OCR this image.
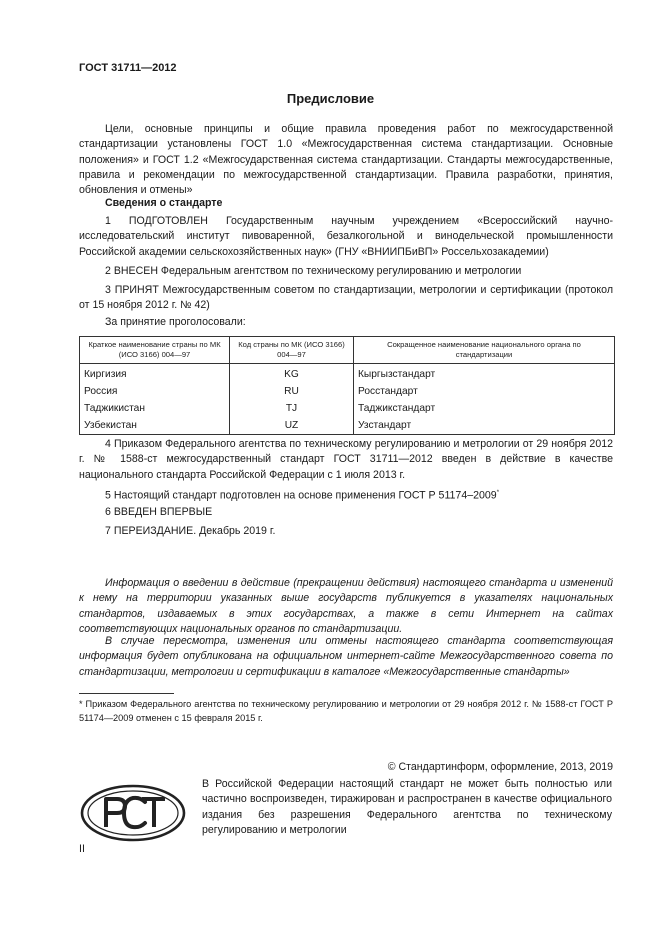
ГОСТ 31711—2012
Предисловие
Цели, основные принципы и общие правила проведения работ по межгосударственной стандартизации установлены ГОСТ 1.0 «Межгосударственная система стандартизации. Основные положения» и ГОСТ 1.2 «Межгосударственная система стандартизации. Стандарты межгосударственные, правила и рекомендации по межгосударственной стандартизации. Правила разработки, принятия, обновления и отмены»
Сведения о стандарте
1 ПОДГОТОВЛЕН Государственным научным учреждением «Всероссийский научно-исследовательский институт пивоваренной, безалкогольной и винодельческой промышленности Российской академии сельскохозяйственных наук» (ГНУ «ВНИИПБиВП» Россельхозакадемии)
2 ВНЕСЕН Федеральным агентством по техническому регулированию и метрологии
3 ПРИНЯТ Межгосударственным советом по стандартизации, метрологии и сертификации (протокол от 15 ноября 2012 г. № 42)
За принятие проголосовали:
Краткое наименование страны по МК (ИСО 3166) 004—97	Код страны по МК (ИСО 3166) 004—97	Сокращенное наименование национального органа по стандартизации
Киргизия	KG	Кыргызстандарт
Россия	RU	Росстандарт
Таджикистан	TJ	Таджикстандарт
Узбекистан	UZ	Узстандарт
4 Приказом Федерального агентства по техническому регулированию и метрологии от 29 ноября 2012 г. № 1588-ст межгосударственный стандарт ГОСТ 31711—2012 введен в действие в качестве национального стандарта Российской Федерации с 1 июля 2013 г.
5 Настоящий стандарт подготовлен на основе применения ГОСТ Р 51174–2009*
6 ВВЕДЕН ВПЕРВЫЕ
7 ПЕРЕИЗДАНИЕ. Декабрь 2019 г.
Информация о введении в действие (прекращении действия) настоящего стандарта и изменений к нему на территории указанных выше государств публикуется в указателях национальных стандартов, издаваемых в этих государствах, а также в сети Интернет на сайтах соответствующих национальных органов по стандартизации.
В случае пересмотра, изменения или отмены настоящего стандарта соответствующая информация будет опубликована на официальном интернет-сайте Межгосударственного совета по стандартизации, метрологии и сертификации в каталоге «Межгосударственные стандарты»
* Приказом Федерального агентства по техническому регулированию и метрологии от 29 ноября 2012 г. № 1588-ст ГОСТ Р 51174—2009 отменен с 15 февраля 2015 г.
© Стандартинформ, оформление, 2013, 2019
В Российской Федерации настоящий стандарт не может быть полностью или частично воспроизведен, тиражирован и распространен в качестве официального издания без разрешения Федерального агентства по техническому регулированию и метрологии
II
